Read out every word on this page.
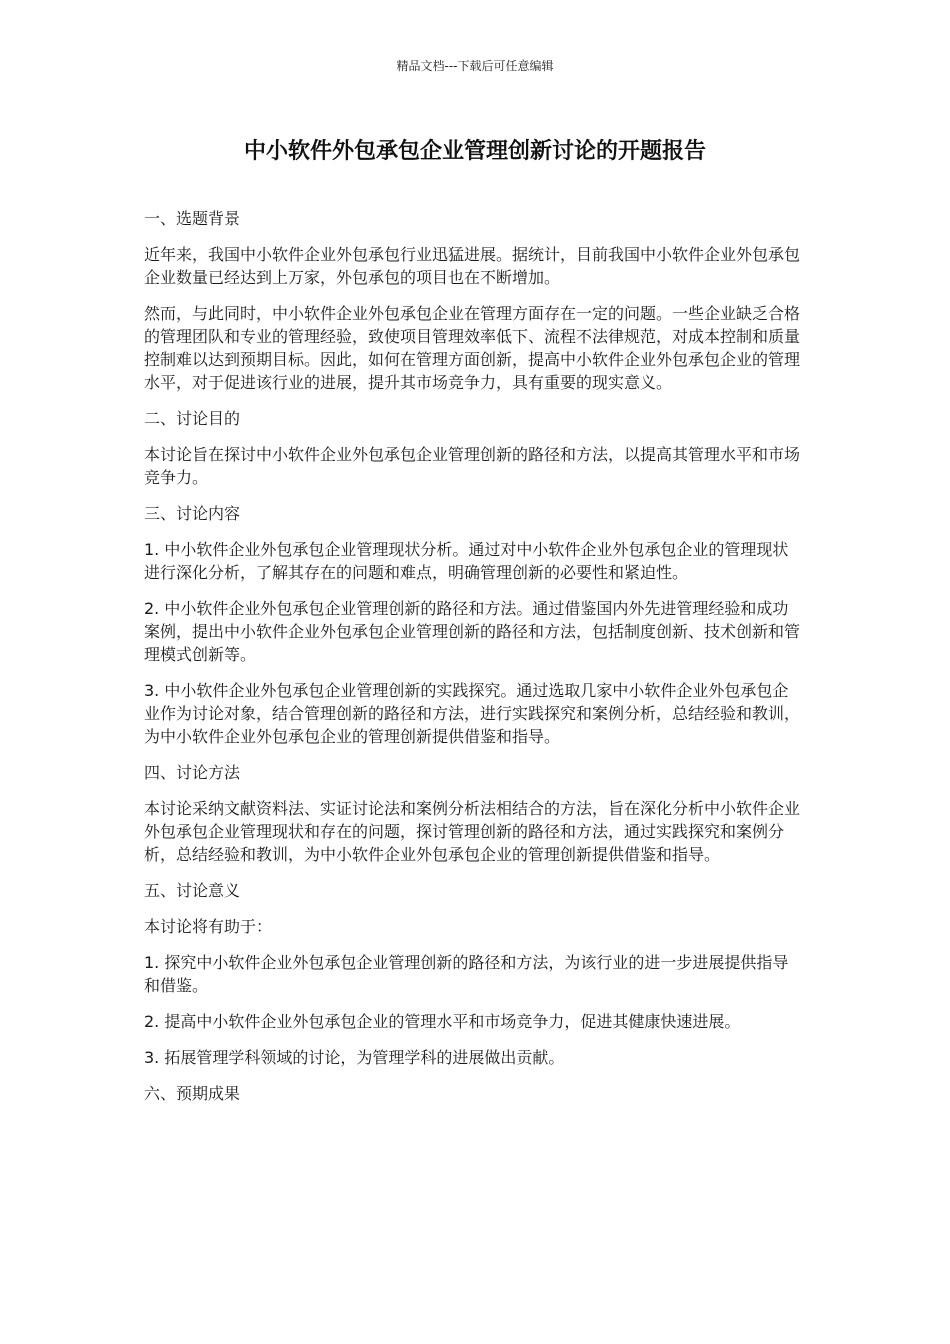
精品文档---下载后可任意编辑
中小软件外包承包企业管理创新讨论的开题报告

一、选题背景

近年来，我国中小软件企业外包承包行业迅猛进展。据统计，目前我国中小软件企业外包承包企业数量已经达到上万家，外包承包的项目也在不断增加。

然而，与此同时，中小软件企业外包承包企业在管理方面存在一定的问题。一些企业缺乏合格的管理团队和专业的管理经验，致使项目管理效率低下、流程不法律规范，对成本控制和质量控制难以达到预期目标。因此，如何在管理方面创新，提高中小软件企业外包承包企业的管理水平，对于促进该行业的进展，提升其市场竞争力，具有重要的现实意义。

二、讨论目的

本讨论旨在探讨中小软件企业外包承包企业管理创新的路径和方法，以提高其管理水平和市场竞争力。

三、讨论内容

1. 中小软件企业外包承包企业管理现状分析。通过对中小软件企业外包承包企业的管理现状进行深化分析，了解其存在的问题和难点，明确管理创新的必要性和紧迫性。

2. 中小软件企业外包承包企业管理创新的路径和方法。通过借鉴国内外先进管理经验和成功案例，提出中小软件企业外包承包企业管理创新的路径和方法，包括制度创新、技术创新和管理模式创新等。

3. 中小软件企业外包承包企业管理创新的实践探究。通过选取几家中小软件企业外包承包企业作为讨论对象，结合管理创新的路径和方法，进行实践探究和案例分析，总结经验和教训，为中小软件企业外包承包企业的管理创新提供借鉴和指导。

四、讨论方法

本讨论采纳文献资料法、实证讨论法和案例分析法相结合的方法，旨在深化分析中小软件企业外包承包企业管理现状和存在的问题，探讨管理创新的路径和方法，通过实践探究和案例分析，总结经验和教训，为中小软件企业外包承包企业的管理创新提供借鉴和指导。

五、讨论意义

本讨论将有助于：

1. 探究中小软件企业外包承包企业管理创新的路径和方法，为该行业的进一步进展提供指导和借鉴。

2. 提高中小软件企业外包承包企业的管理水平和市场竞争力，促进其健康快速进展。

3. 拓展管理学科领域的讨论，为管理学科的进展做出贡献。

六、预期成果
